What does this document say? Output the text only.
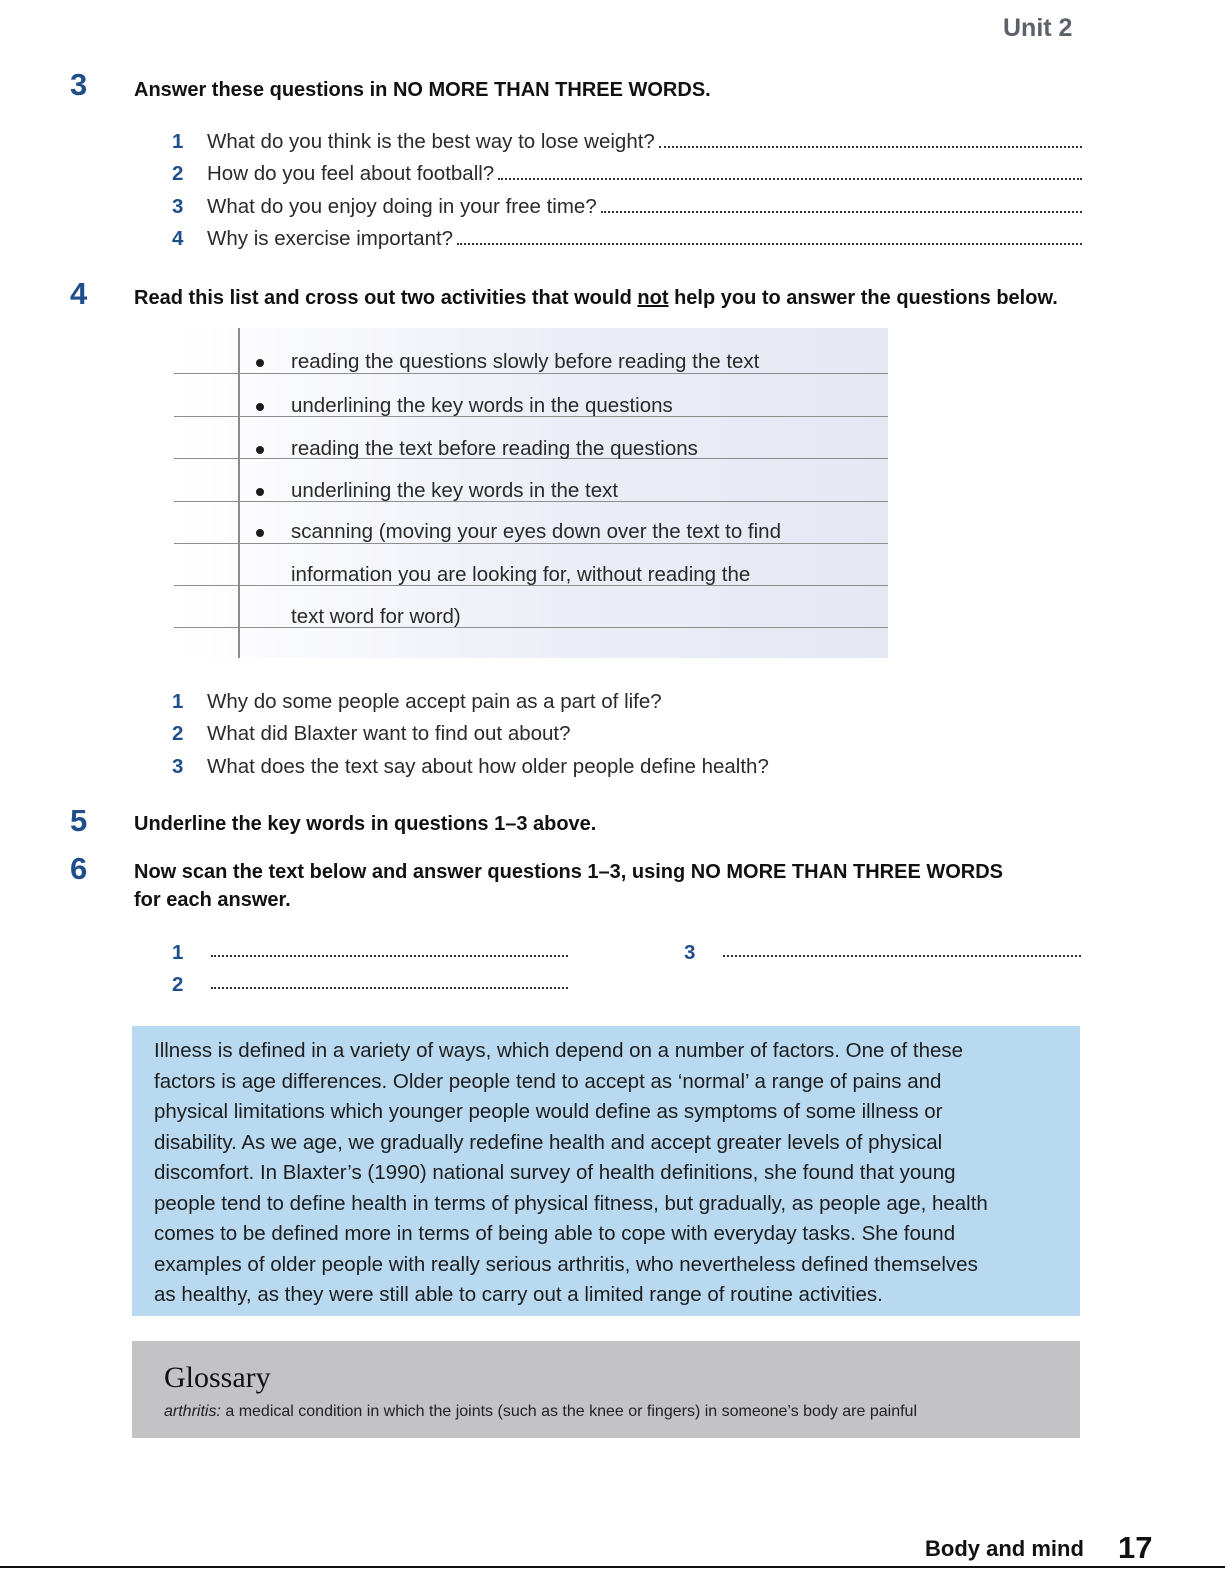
Unit 2
3 Answer these questions in NO MORE THAN THREE WORDS.
1	What do you think is the best way to lose weight?
2	How do you feel about football?
3	What do you enjoy doing in your free time?
4	Why is exercise important?
4 Read this list and cross out two activities that would not help you to answer the questions below.
reading the questions slowly before reading the text
underlining the key words in the questions
reading the text before reading the questions
underlining the key words in the text
scanning (moving your eyes down over the text to find
information you are looking for, without reading the
text word for word)
1	Why do some people accept pain as a part of life?
2	What did Blaxter want to find out about?
3	What does the text say about how older people define health?
5 Underline the key words in questions 1–3 above.
6 Now scan the text below and answer questions 1–3, using NO MORE THAN THREE WORDS
for each answer.
1
2
3

Illness is defined in a variety of ways, which depend on a number of factors. One of these

factors is age differences. Older people tend to accept as ‘normal’ a range of pains and

physical limitations which younger people would define as symptoms of some illness or

disability. As we age, we gradually redefine health and accept greater levels of physical

discomfort. In Blaxter’s (1990) national survey of health definitions, she found that young

people tend to define health in terms of physical fitness, but gradually, as people age, health

comes to be defined more in terms of being able to cope with everyday tasks. She found

examples of older people with really serious arthritis, who nevertheless defined themselves

as healthy, as they were still able to carry out a limited range of routine activities.

Glossary
arthritis: a medical condition in which the joints (such as the knee or fingers) in someone’s body are painful
Body and mind 17
